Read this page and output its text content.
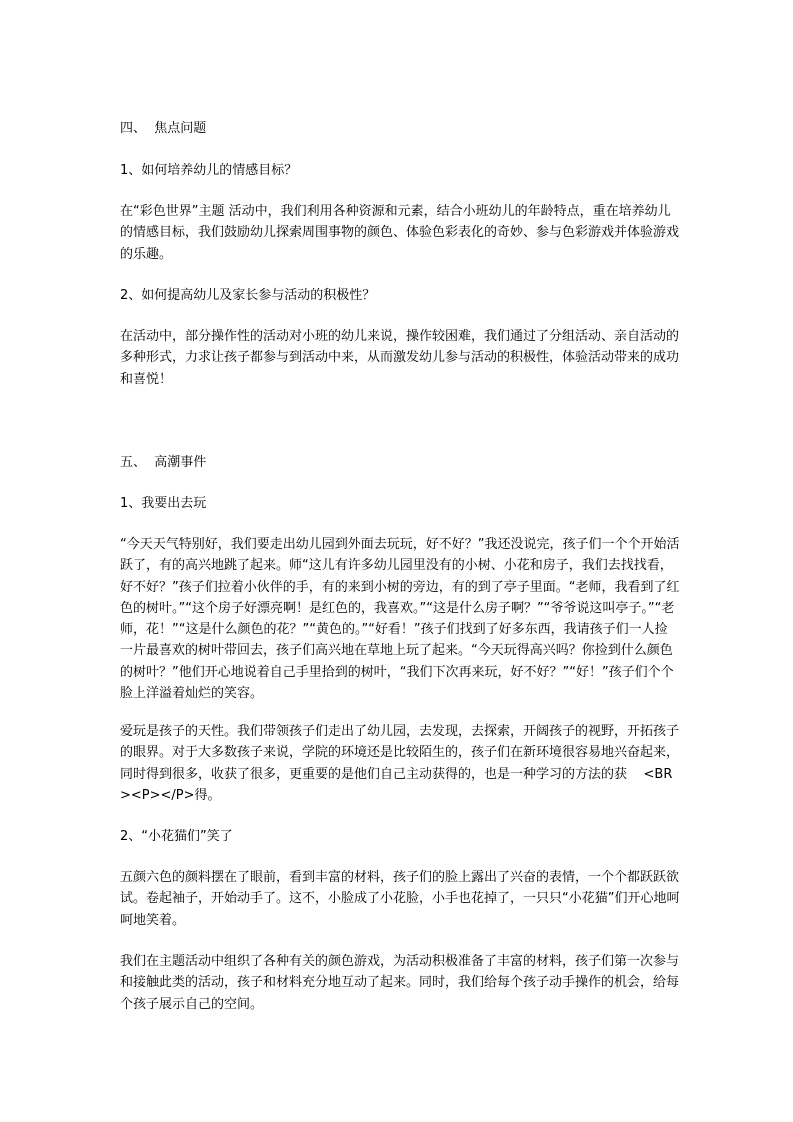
四、  焦点问题
1、如何培养幼儿的情感目标？
在“彩色世界”主题 活动中，我们利用各种资源和元素，结合小班幼儿的年龄特点，重在培养幼儿的情感目标，我们鼓励幼儿探索周围事物的颜色、体验色彩表化的奇妙、参与色彩游戏并体验游戏的乐趣。
2、如何提高幼儿及家长参与活动的积极性？
在活动中，部分操作性的活动对小班的幼儿来说，操作较困难，我们通过了分组活动、亲自活动的多种形式，力求让孩子都参与到活动中来，从而激发幼儿参与活动的积极性，体验活动带来的成功和喜悦！
五、  高潮事件
1、我要出去玩
“今天天气特别好，我们要走出幼儿园到外面去玩玩，好不好？”我还没说完，孩子们一个个开始活跃了，有的高兴地跳了起来。师“这儿有许多幼儿园里没有的小树、小花和房子，我们去找找看，好不好？”孩子们拉着小伙伴的手，有的来到小树的旁边，有的到了亭子里面。“老师，我看到了红色的树叶。”“这个房子好漂亮啊！是红色的，我喜欢。”“这是什么房子啊？”“爷爷说这叫亭子。”“老师，花！”“这是什么颜色的花？”“黄色的。”“好看！”孩子们找到了好多东西，我请孩子们一人捡一片最喜欢的树叶带回去，孩子们高兴地在草地上玩了起来。“今天玩得高兴吗？你捡到什么颜色的树叶？”他们开心地说着自己手里拾到的树叶，“我们下次再来玩，好不好？”“好！”孩子们个个脸上洋溢着灿烂的笑容。
爱玩是孩子的天性。我们带领孩子们走出了幼儿园，去发现，去探索，开阔孩子的视野，开拓孩子的眼界。对于大多数孩子来说，学院的环境还是比较陌生的，孩子们在新环境很容易地兴奋起来，同时得到很多，收获了很多，更重要的是他们自己主动获得的，也是一种学习的方法的获    <BR><P></P>得。
2、“小花猫们”笑了
五颜六色的颜料摆在了眼前，看到丰富的材料，孩子们的脸上露出了兴奋的表情，一个个都跃跃欲试。卷起袖子，开始动手了。这不，小脸成了小花脸，小手也花掉了，一只只“小花猫”们开心地呵呵地笑着。
我们在主题活动中组织了各种有关的颜色游戏，为活动积极准备了丰富的材料，孩子们第一次参与和接触此类的活动，孩子和材料充分地互动了起来。同时，我们给每个孩子动手操作的机会，给每个孩子展示自己的空间。
